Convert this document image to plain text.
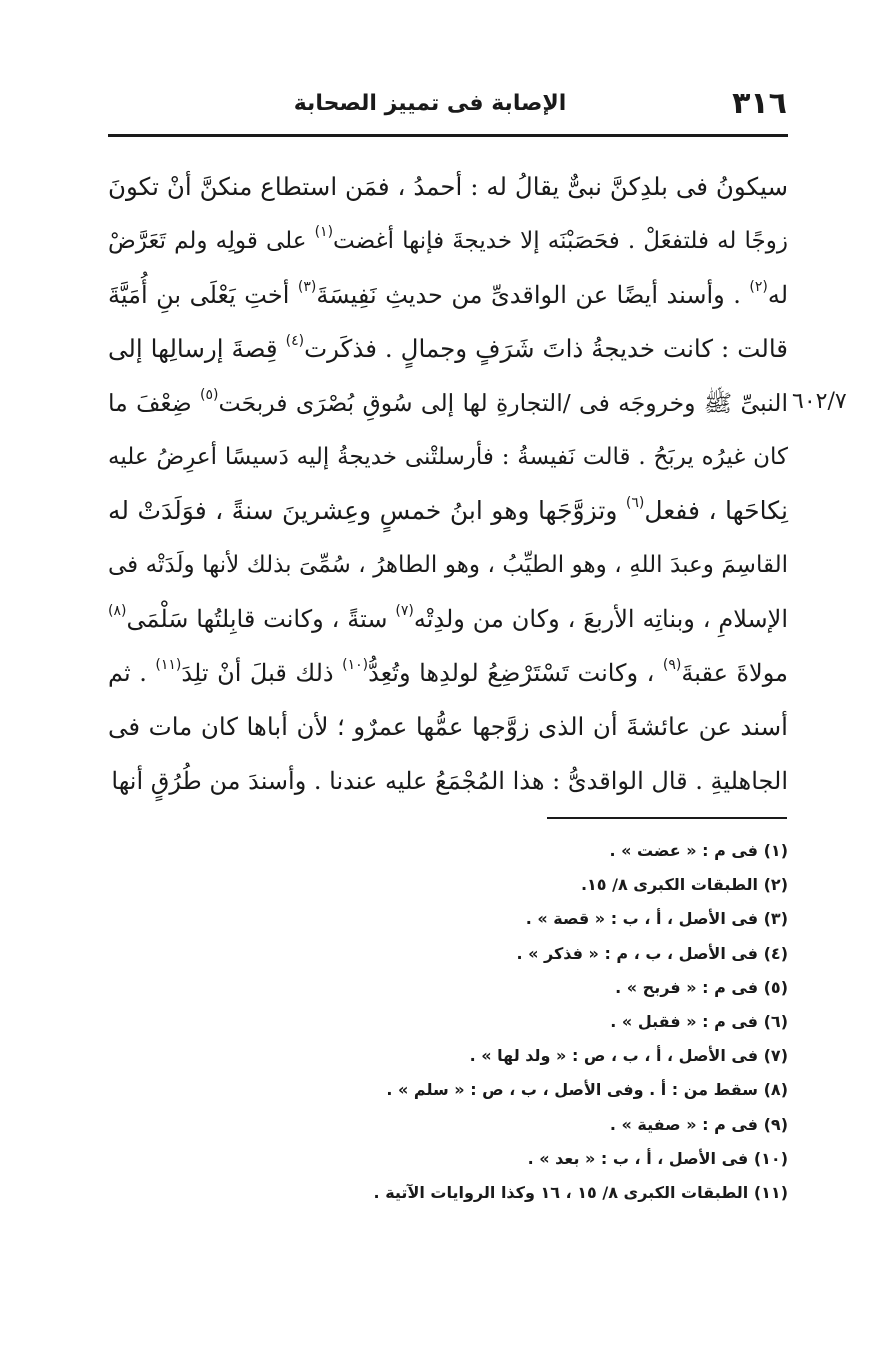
٣١٦
الإصابة فى تمييز الصحابة
سيكونُ فى بلدِكنَّ نبىٌّ يقالُ له : أحمدُ ، فمَن استطاع منكنَّ أنْ تكونَ
زوجًا له فلتفعَلْ . فحَصَبْنَه إلا خديجةَ فإنها أغضت$^{(١)}$ على قولِه ولم تَعَرَّضْ
له$^{(٢)}$ . وأسند أيضًا عن الواقدىِّ من حديثِ نَفِيسَةَ$^{(٣)}$ أختِ يَعْلَى بنِ أُمَيَّةَ
قالت : كانت خديجةُ ذاتَ شَرَفٍ وجمالٍ . فذكَرت$^{(٤)}$ قِصةَ إرسالِها إلى
النبىِّ ﷺ وخروجَه فى /التجارةِ لها إلى سُوقِ بُصْرَى فربحَت$^{(٥)}$ ضِعْفَ ما
كان غيرُه يربَحُ . قالت نَفيسةُ : فأرسلتْنى خديجةُ إليه دَسيسًا أعرِضُ عليه
نِكاحَها ، ففعل$^{(٦)}$ وتزوَّجَها وهو ابنُ خمسٍ وعِشرينَ سنةً ، فوَلَدَتْ له
القاسِمَ وعبدَ اللهِ ، وهو الطيِّبُ ، وهو الطاهرُ ، سُمِّىَ بذلك لأنها ولَدَتْه فى
الإسلامِ ، وبناتِه الأربعَ ، وكان من ولدِتْه$^{(٧)}$ ستةً ، وكانت قابِلتُها سَلْمَى$^{(٨)}$
مولاةَ عقبةَ$^{(٩)}$ ، وكانت تَسْتَرْضِعُ لولدِها وتُعِدُّ$^{(١٠)}$ ذلك قبلَ أنْ تلِدَ$^{(١١)}$ . ثم
أسند عن عائشةَ أن الذى زوَّجها عمُّها عمرٌو ؛ لأن أباها كان مات فى
الجاهليةِ . قال الواقدىُّ : هذا المُجْمَعُ عليه عندنا . وأسندَ من طُرُقٍ أنها
٦٠٢/٧
(١) فى م : « عضت » .
(٢) الطبقات الكبرى ٨/ ١٥.
(٣) فى الأصل ، أ ، ب : « قصة » .
(٤) فى الأصل ، ب ، م : « فذكر » .
(٥) فى م : « فربح » .
(٦) فى م : « فقبل » .
(٧) فى الأصل ، أ ، ب ، ص : « ولد لها » .
(٨) سقط من : أ . وفى الأصل ، ب ، ص : « سلم » .
(٩) فى م : « صفية » .
(١٠) فى الأصل ، أ ، ب : « بعد » .
(١١) الطبقات الكبرى ٨/ ١٥ ، ١٦ وكذا الروايات الآتية .
